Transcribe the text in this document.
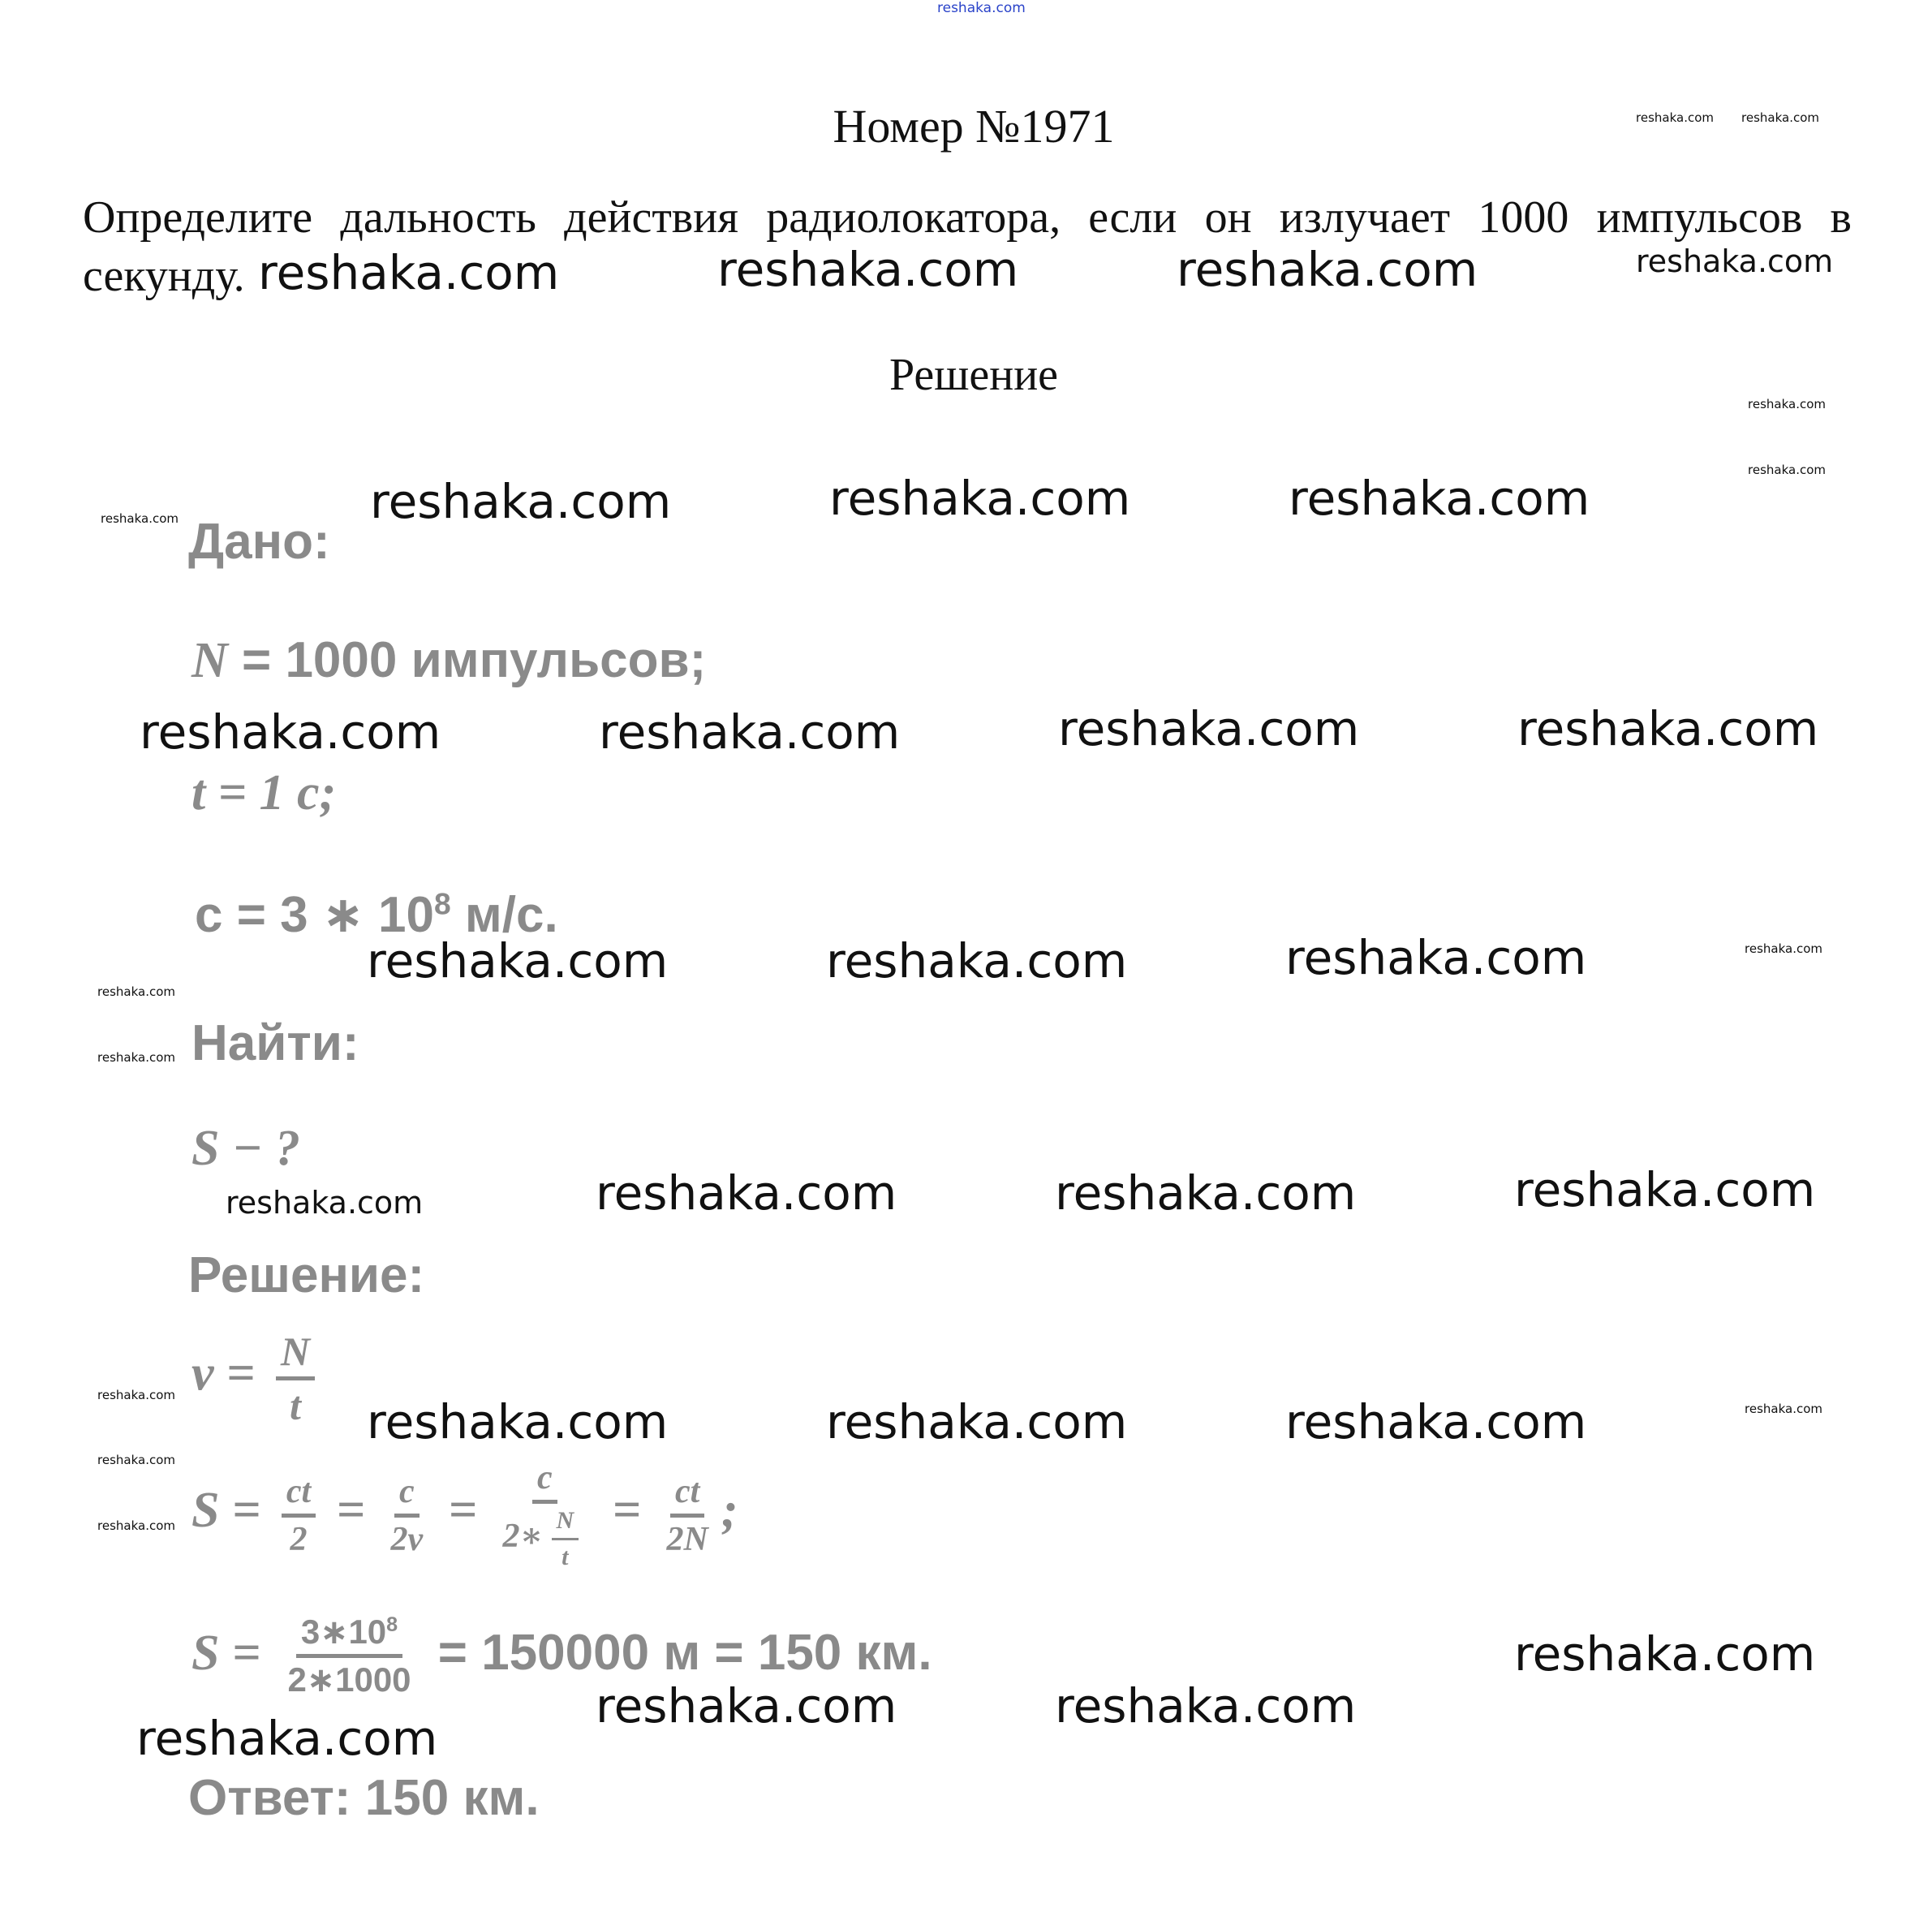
reshaka.com
Номер №1971
Определите дальность действия радиолокатора, если он излучает 1000 импульсов в секунду.
Решение
Дано:
N = 1000 импульсов;
t = 1 c;
c = 3 ∗ $10^8$ м/с.
Найти:
S − ?
Решение:
$\nu = \frac{N}{t}$
$S = \frac{ct}{2} = \frac{c}{2\nu} = \frac{c}{2∗ \frac{N}{t}} = \frac{ct}{2N}$ ;
$S = \frac{3∗10^8}{2∗1000} = 150000$ м = 150 км.
Ответ: 150 км.
reshaka.com	reshaka.com	reshaka.com	reshaka.com
reshaka.com reshaka.com
reshaka.com
reshaka.com
reshaka.com	reshaka.com	reshaka.com	reshaka.com
reshaka.com	reshaka.com	reshaka.com	reshaka.com
reshaka.com	reshaka.com	reshaka.com	reshaka.com
reshaka.com
reshaka.com
reshaka.com	reshaka.com	reshaka.com	reshaka.com
reshaka.com	reshaka.com	reshaka.com	reshaka.com	reshaka.com
reshaka.com
reshaka.com
reshaka.com
reshaka.com	reshaka.com
reshaka.com
